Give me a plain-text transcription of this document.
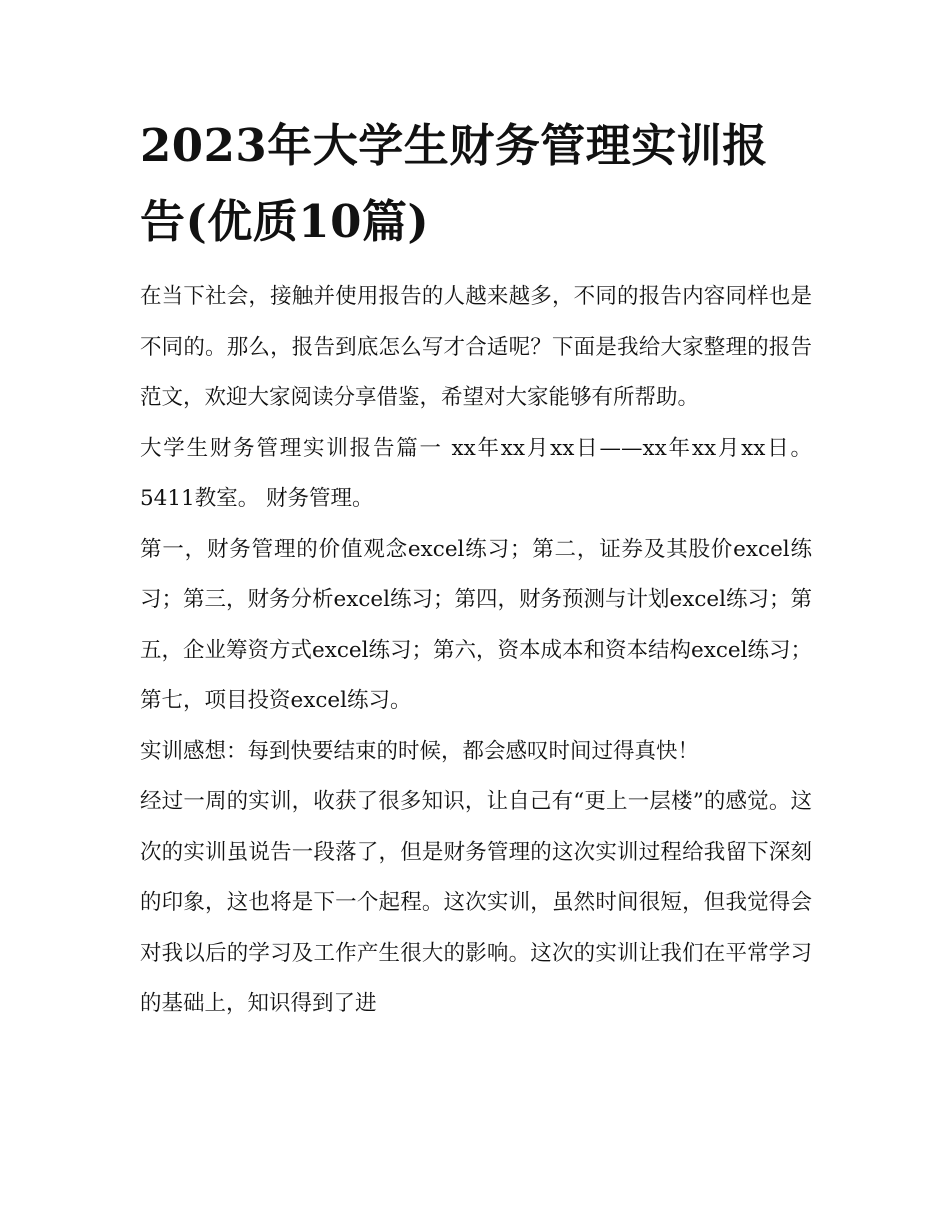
2023年大学生财务管理实训报告(优质10篇)

在当下社会，接触并使用报告的人越来越多，不同的报告内容同样也是不同的。那么，报告到底怎么写才合适呢？下面是我给大家整理的报告范文，欢迎大家阅读分享借鉴，希望对大家能够有所帮助。

大学生财务管理实训报告篇一 xx年xx月xx日——xx年xx月xx日。 5411教室。 财务管理。

第一，财务管理的价值观念excel练习；第二，证券及其股价excel练习；第三，财务分析excel练习；第四，财务预测与计划excel练习；第五，企业筹资方式excel练习；第六，资本成本和资本结构excel练习；第七，项目投资excel练习。

实训感想：每到快要结束的时候，都会感叹时间过得真快！

经过一周的实训，收获了很多知识，让自己有“更上一层楼”的感觉。这次的实训虽说告一段落了，但是财务管理的这次实训过程给我留下深刻的印象，这也将是下一个起程。这次实训，虽然时间很短，但我觉得会对我以后的学习及工作产生很大的影响。这次的实训让我们在平常学习的基础上，知识得到了进
